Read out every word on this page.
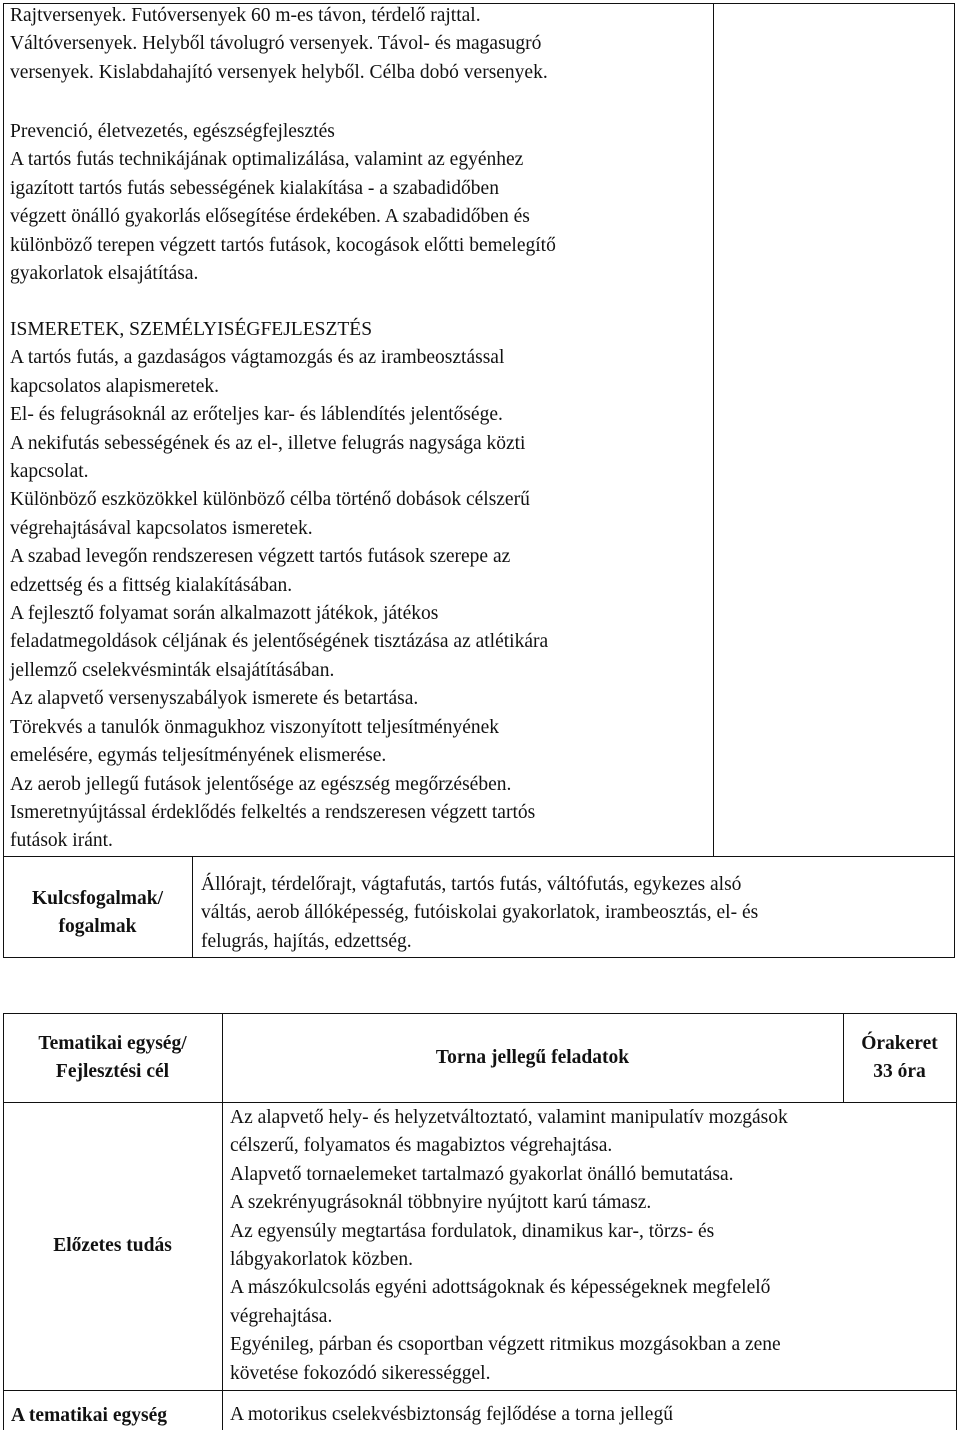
Rajtversenyek. Futóversenyek 60 m-es távon, térdelő rajttal.
Váltóversenyek. Helyből távolugró versenyek. Távol- és magasugró
versenyek. Kislabdahajító versenyek helyből. Célba dobó versenyek.
Prevenció, életvezetés, egészségfejlesztés
A tartós futás technikájának optimalizálása, valamint az egyénhez
igazított tartós futás sebességének kialakítása - a szabadidőben
végzett önálló gyakorlás elősegítése érdekében. A szabadidőben és
különböző terepen végzett tartós futások, kocogások előtti bemelegítő
gyakorlatok elsajátítása.
ISMERETEK, SZEMÉLYISÉGFEJLESZTÉS
A tartós futás, a gazdaságos vágtamozgás és az irambeosztással
kapcsolatos alapismeretek.
El- és felugrásoknál az erőteljes kar- és láblendítés jelentősége.
A nekifutás sebességének és az el-, illetve felugrás nagysága közti
kapcsolat.
Különböző eszközökkel különböző célba történő dobások célszerű
végrehajtásával kapcsolatos ismeretek.
A szabad levegőn rendszeresen végzett tartós futások szerepe az
edzettség és a fittség kialakításában.
A fejlesztő folyamat során alkalmazott játékok, játékos
feladatmegoldások céljának és jelentőségének tisztázása az atlétikára
jellemző cselekvésminták elsajátításában.
Az alapvető versenyszabályok ismerete és betartása.
Törekvés a tanulók önmagukhoz viszonyított teljesítményének
emelésére, egymás teljesítményének elismerése.
Az aerob jellegű futások jelentősége az egészség megőrzésében.
Ismeretnyújtással érdeklődés felkeltés a rendszeresen végzett tartós
futások iránt.
Kulcsfogalmak/
fogalmak
Állórajt, térdelőrajt, vágtafutás, tartós futás, váltófutás, egykezes alsó
váltás, aerob állóképesség, futóiskolai gyakorlatok, irambeosztás, el- és
felugrás, hajítás, edzettség.
Tematikai egység/
Fejlesztési cél
Torna jellegű feladatok
Órakeret
33 óra
Előzetes tudás
Az alapvető hely- és helyzetváltoztató, valamint manipulatív mozgások
célszerű, folyamatos és magabiztos végrehajtása.
Alapvető tornaelemeket tartalmazó gyakorlat önálló bemutatása.
A szekrényugrásoknál többnyire nyújtott karú támasz.
Az egyensúly megtartása fordulatok, dinamikus kar-, törzs- és
lábgyakorlatok közben.
A mászókulcsolás egyéni adottságoknak és képességeknek megfelelő
végrehajtása.
Egyénileg, párban és csoportban végzett ritmikus mozgásokban a zene
követése fokozódó sikerességgel.
A tematikai egység	A motorikus cselekvésbiztonság fejlődése a torna jellegű
